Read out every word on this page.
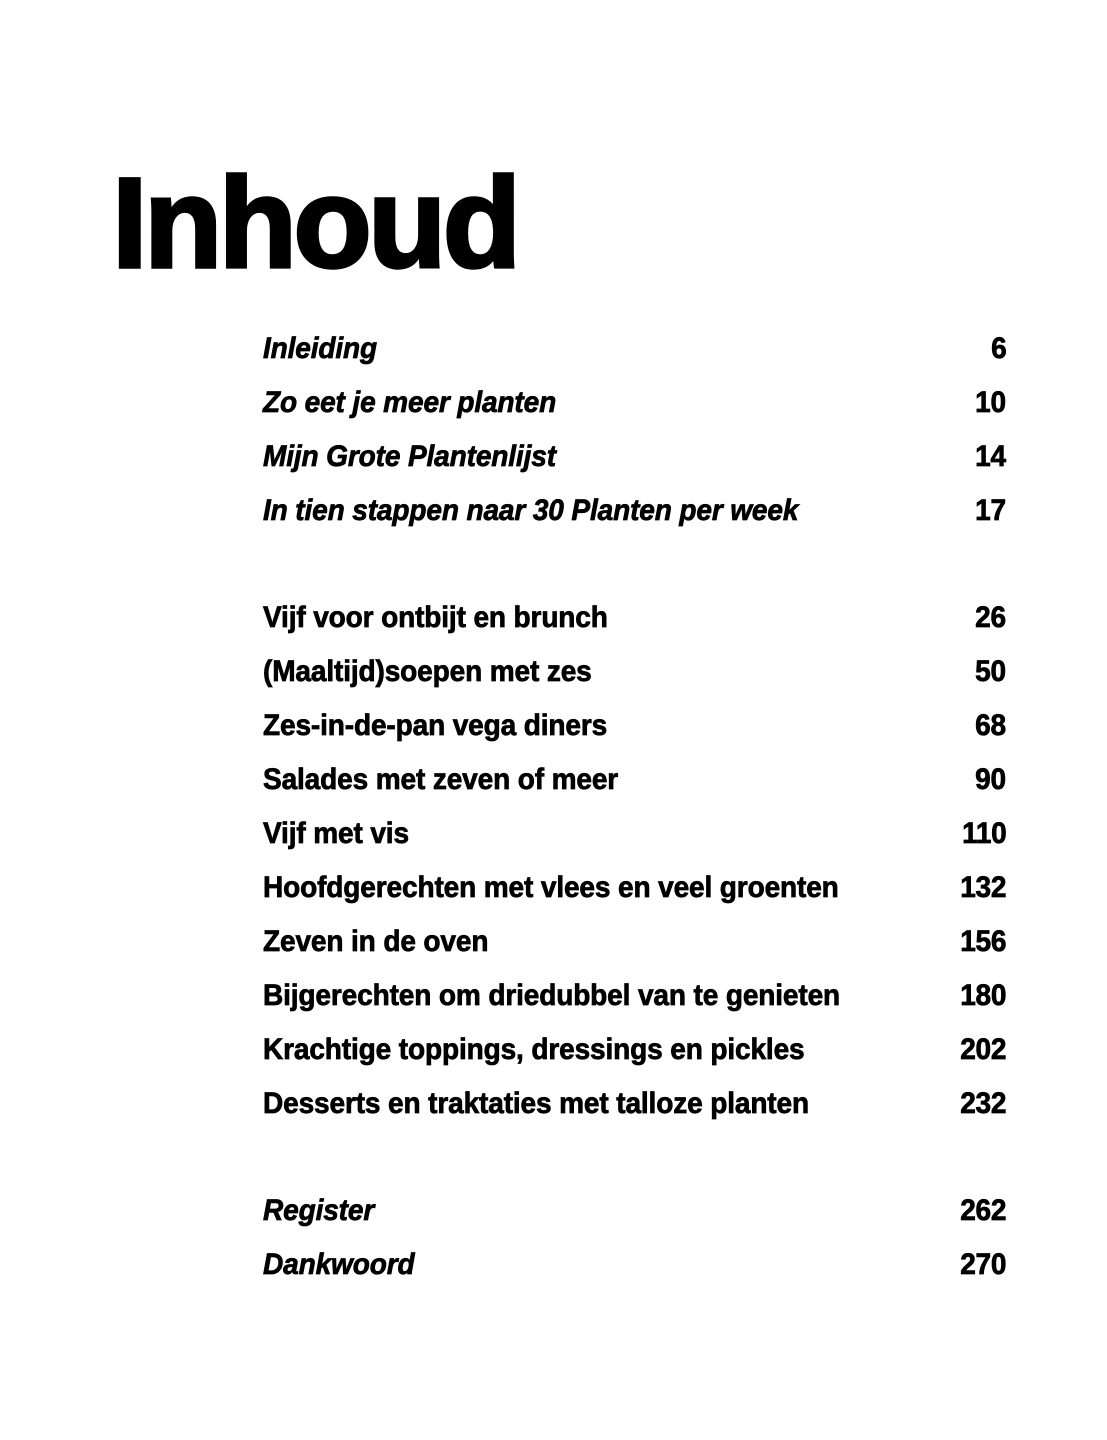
Inhoud
Inleiding	6
Zo eet je meer planten	10
Mijn Grote Plantenlijst	14
In tien stappen naar 30 Planten per week	17
Vijf voor ontbijt en brunch	26
(Maaltijd)soepen met zes	50
Zes-in-de-pan vega diners	68
Salades met zeven of meer	90
Vijf met vis	110
Hoofdgerechten met vlees en veel groenten	132
Zeven in de oven	156
Bijgerechten om driedubbel van te genieten	180
Krachtige toppings, dressings en pickles	202
Desserts en traktaties met talloze planten	232
Register	262
Dankwoord	270
